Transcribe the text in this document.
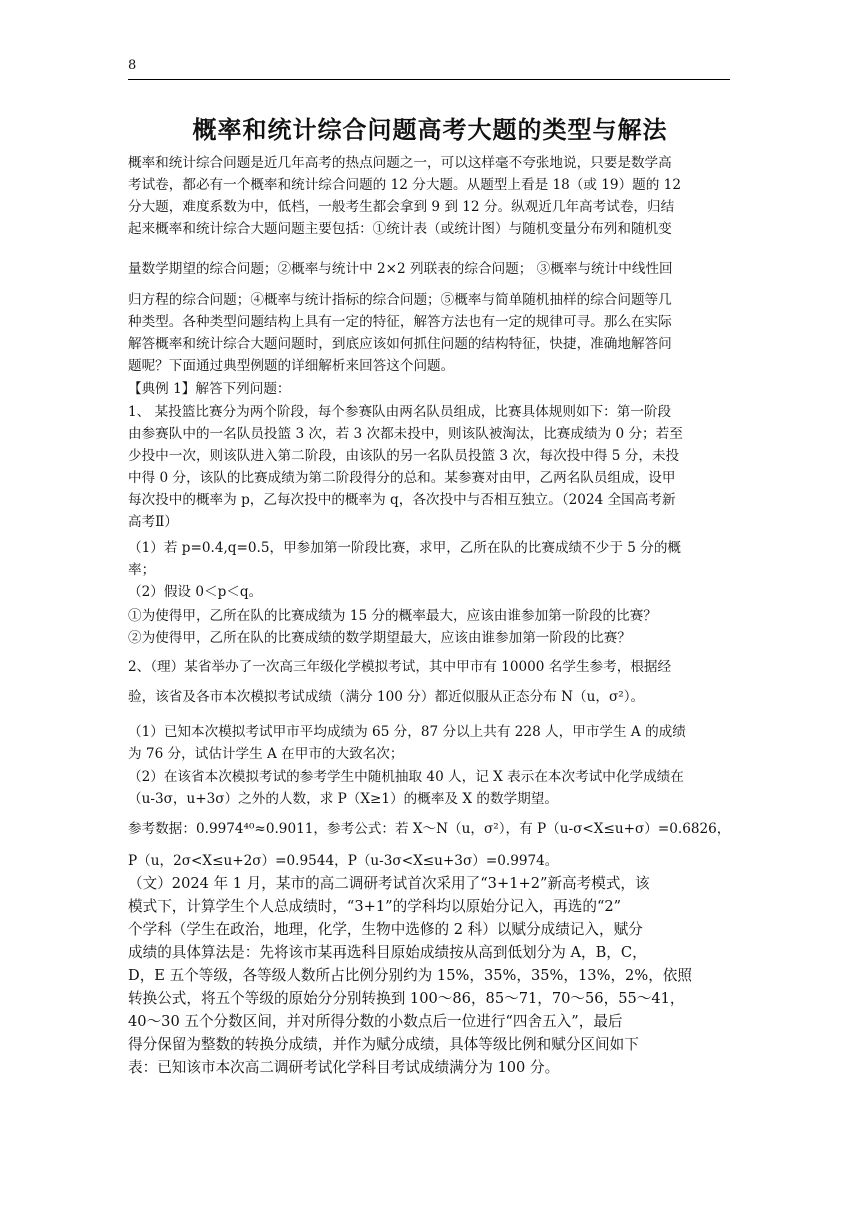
8
概率和统计综合问题高考大题的类型与解法
概率和统计综合问题是近几年高考的热点问题之一，可以这样毫不夸张地说，只要是数学高
考试卷，都必有一个概率和统计综合问题的 12 分大题。从题型上看是 18（或 19）题的 12
分大题，难度系数为中，低档，一般考生都会拿到 9 到 12 分。纵观近几年高考试卷，归结
起来概率和统计综合大题问题主要包括：①统计表（或统计图）与随机变量分布列和随机变
量数学期望的综合问题；②概率与统计中 2×2 列联表的综合问题； ③概率与统计中线性回
归方程的综合问题；④概率与统计指标的综合问题；⑤概率与简单随机抽样的综合问题等几
种类型。各种类型问题结构上具有一定的特征，解答方法也有一定的规律可寻。那么在实际
解答概率和统计综合大题问题时，到底应该如何抓住问题的结构特征，快捷，准确地解答问
题呢？下面通过典型例题的详细解析来回答这个问题。
【典例 1】解答下列问题：
1、 某投篮比赛分为两个阶段，每个参赛队由两名队员组成，比赛具体规则如下：第一阶段
由参赛队中的一名队员投篮 3 次，若 3 次都未投中，则该队被淘汰，比赛成绩为 0 分；若至
少投中一次，则该队进入第二阶段，由该队的另一名队员投篮 3 次，每次投中得 5 分，未投
中得 0 分，该队的比赛成绩为第二阶段得分的总和。某参赛对由甲，乙两名队员组成，设甲
每次投中的概率为 p，乙每次投中的概率为 q，各次投中与否相互独立。（2024 全国高考新
高考Ⅱ）
（1）若 p=0.4,q=0.5，甲参加第一阶段比赛，求甲，乙所在队的比赛成绩不少于 5 分的概
率；
（2）假设 0＜p＜q。
①为使得甲，乙所在队的比赛成绩为 15 分的概率最大，应该由谁参加第一阶段的比赛？
②为使得甲，乙所在队的比赛成绩的数学期望最大，应该由谁参加第一阶段的比赛？
2、（理）某省举办了一次高三年级化学模拟考试，其中甲市有 10000 名学生参考，根据经
验，该省及各市本次模拟考试成绩（满分 100 分）都近似服从正态分布 N（u，σ²）。
（1）已知本次模拟考试甲市平均成绩为 65 分，87 分以上共有 228 人，甲市学生 A 的成绩
为 76 分，试估计学生 A 在甲市的大致名次；
（2）在该省本次模拟考试的参考学生中随机抽取 40 人，记 X 表示在本次考试中化学成绩在
（u-3σ，u+3σ）之外的人数，求 P（X≥1）的概率及 X 的数学期望。
参考数据：0.9974⁴⁰≈0.9011，参考公式：若 X～N（u，σ²），有 P（u-σ<X≤u+σ）=0.6826，
P（u，2σ<X≤u+2σ）=0.9544，P（u-3σ<X≤u+3σ）=0.9974。
（文）2024 年 1 月，某市的高二调研考试首次采用了“3+1+2”新高考模式，该
模式下，计算学生个人总成绩时，“3+1”的学科均以原始分记入，再选的“2”
个学科（学生在政治，地理，化学，生物中选修的 2 科）以赋分成绩记入，赋分
成绩的具体算法是：先将该市某再选科目原始成绩按从高到低划分为 A，B，C，
D，E 五个等级，各等级人数所占比例分别约为 15%，35%，35%，13%，2%，依照
转换公式，将五个等级的原始分分别转换到 100～86，85～71，70～56，55～41，
40～30 五个分数区间，并对所得分数的小数点后一位进行“四舍五入”，最后
得分保留为整数的转换分成绩，并作为赋分成绩，具体等级比例和赋分区间如下
表：已知该市本次高二调研考试化学科目考试成绩满分为 100 分。
